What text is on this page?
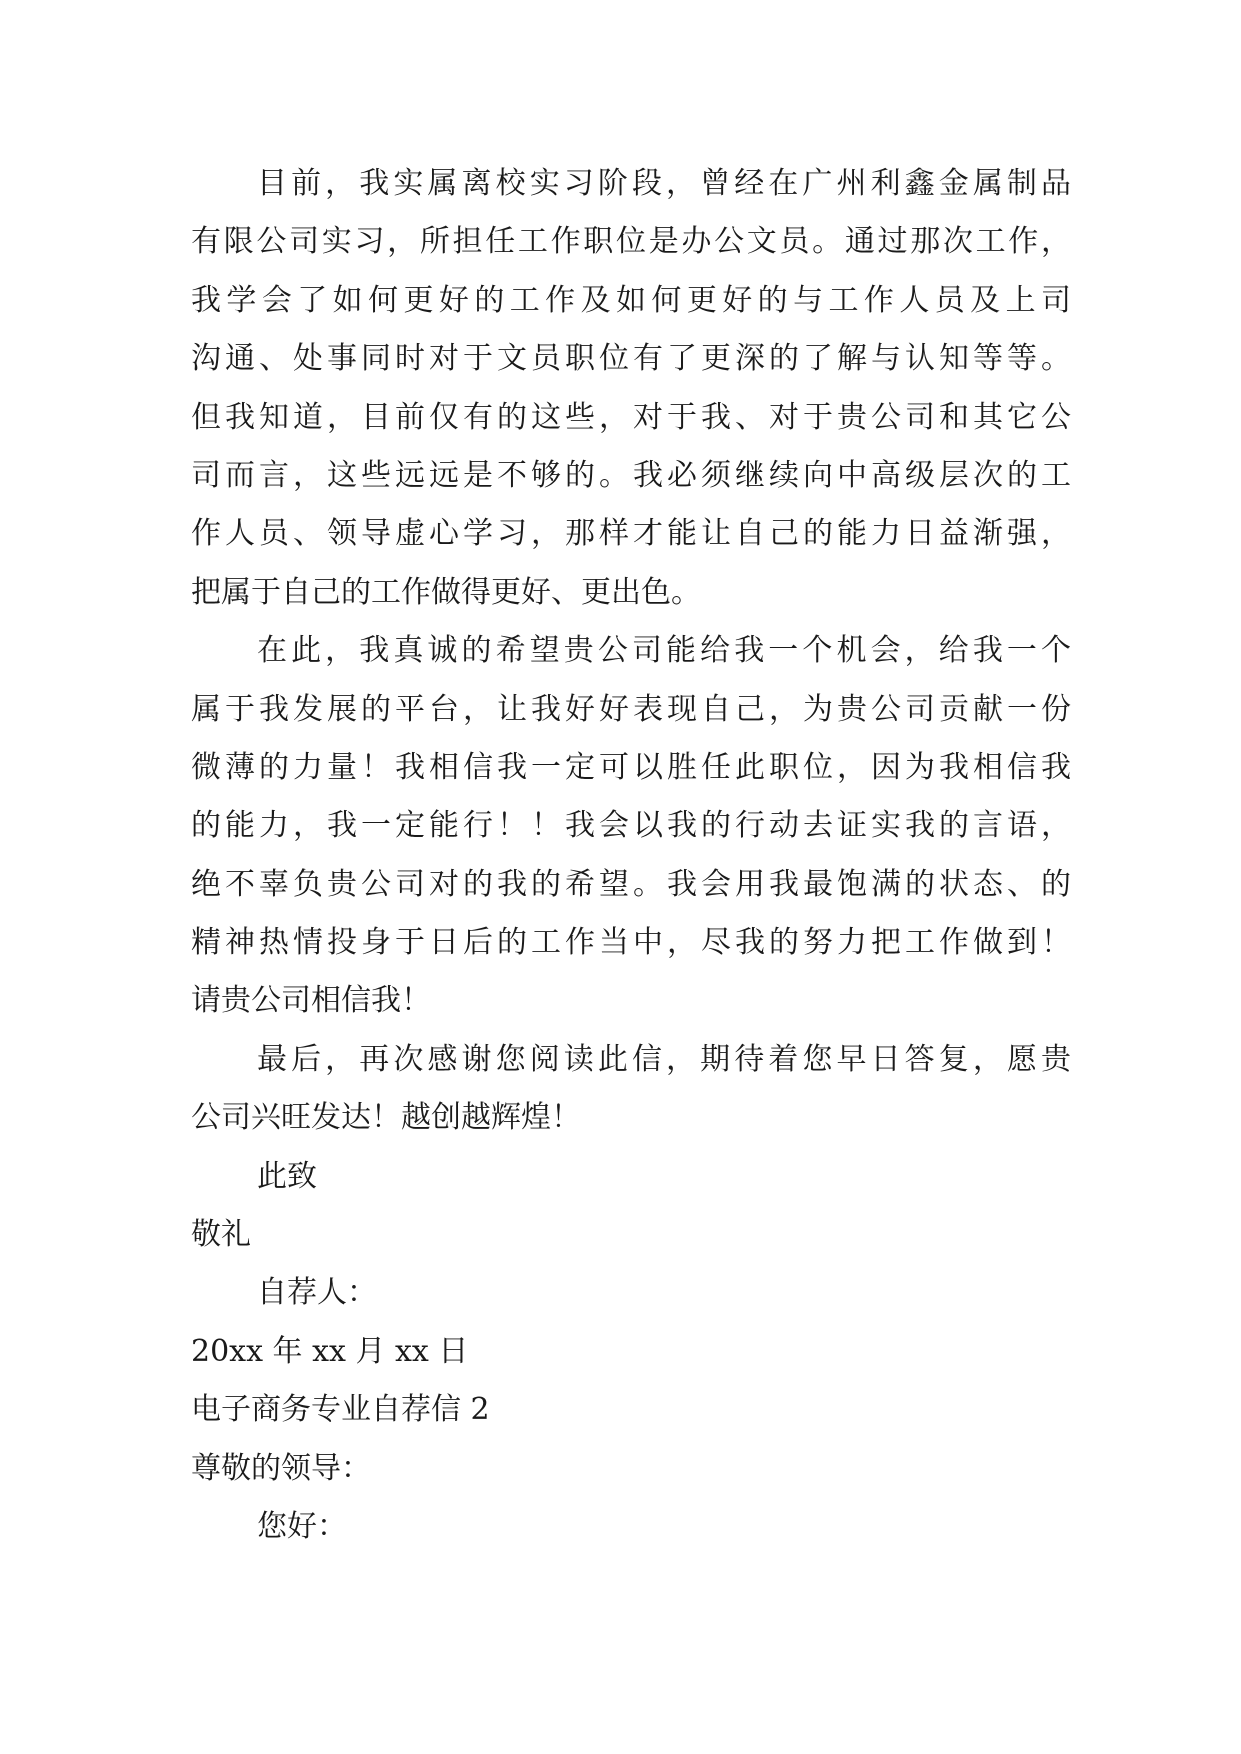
目前，我实属离校实习阶段，曾经在广州利鑫金属制品
有限公司实习，所担任工作职位是办公文员。通过那次工作，
我学会了如何更好的工作及如何更好的与工作人员及上司
沟通、处事同时对于文员职位有了更深的了解与认知等等。
但我知道，目前仅有的这些，对于我、对于贵公司和其它公
司而言，这些远远是不够的。我必须继续向中高级层次的工
作人员、领导虚心学习，那样才能让自己的能力日益渐强，
把属于自己的工作做得更好、更出色。
在此，我真诚的希望贵公司能给我一个机会，给我一个
属于我发展的平台，让我好好表现自己，为贵公司贡献一份
微薄的力量！我相信我一定可以胜任此职位，因为我相信我
的能力，我一定能行！！我会以我的行动去证实我的言语，
绝不辜负贵公司对的我的希望。我会用我最饱满的状态、的
精神热情投身于日后的工作当中，尽我的努力把工作做到！
请贵公司相信我！
最后，再次感谢您阅读此信，期待着您早日答复，愿贵
公司兴旺发达！越创越辉煌！
此致
敬礼
自荐人：
20xx 年 xx 月 xx 日
电子商务专业自荐信 2
尊敬的领导：
您好：
